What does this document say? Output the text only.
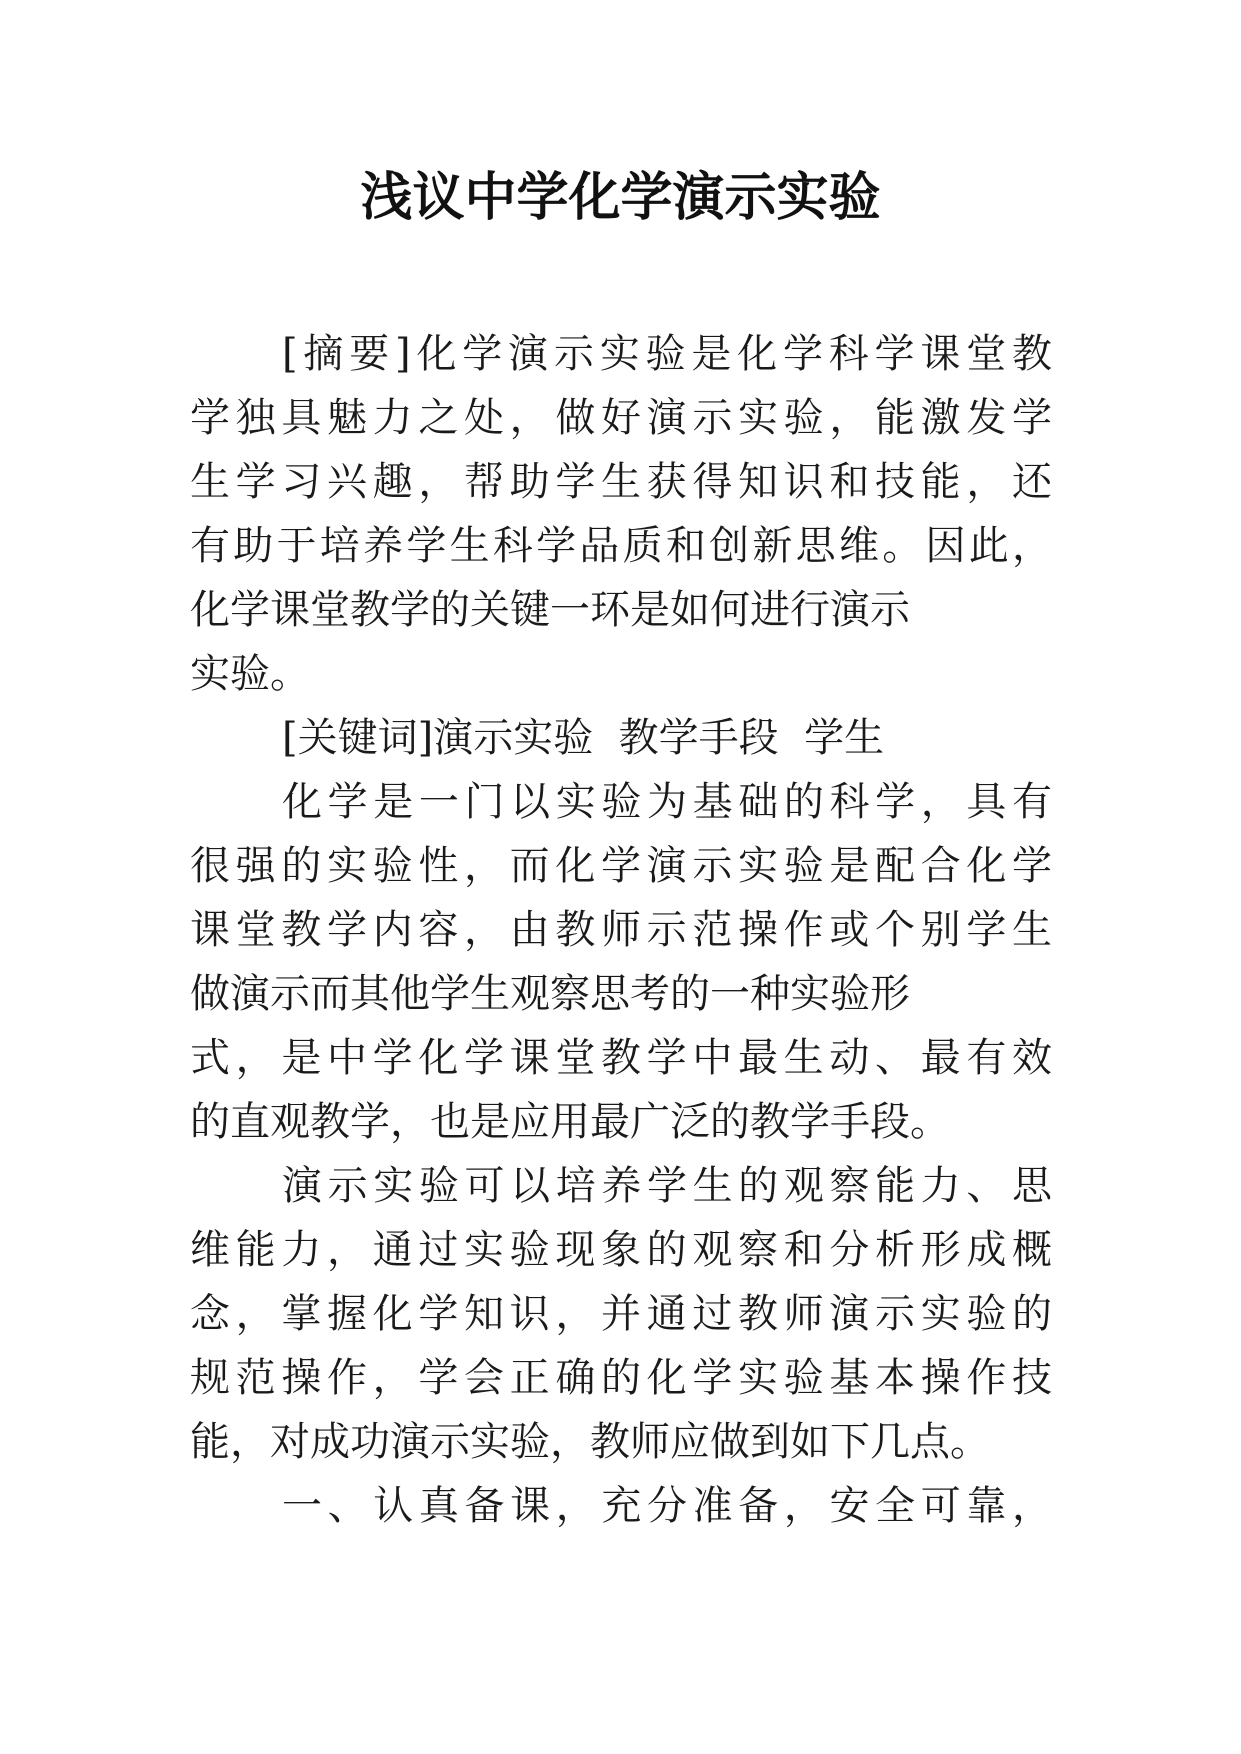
浅议中学化学演示实验

[摘要]化学演示实验是化学科学课堂教

学独具魅力之处，做好演示实验，能激发学

生学习兴趣，帮助学生获得知识和技能，还

有助于培养学生科学品质和创新思维。因此，

化学课堂教学的关键一环是如何进行演示

实验。

[关键词]演示实验  教学手段  学生

化学是一门以实验为基础的科学，具有

很强的实验性，而化学演示实验是配合化学

课堂教学内容，由教师示范操作或个别学生

做演示而其他学生观察思考的一种实验形

式，是中学化学课堂教学中最生动、最有效

的直观教学，也是应用最广泛的教学手段。

演示实验可以培养学生的观察能力、思

维能力，通过实验现象的观察和分析形成概

念，掌握化学知识，并通过教师演示实验的

规范操作，学会正确的化学实验基本操作技

能，对成功演示实验，教师应做到如下几点。

一、认真备课，充分准备，安全可靠，
